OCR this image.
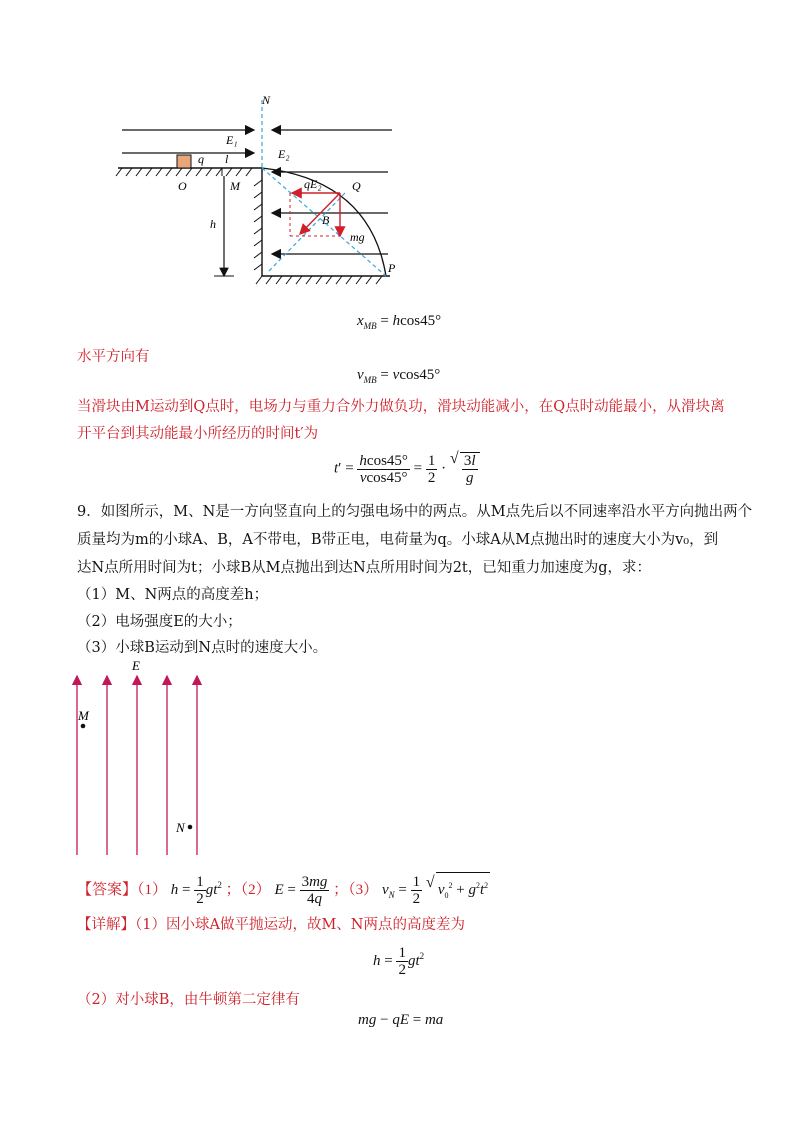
N
E₁
q l	E₂
O	M	qE₂	Q
B
h
mg
P
$x_{MB} = hcos45^\circ$
水平方向有
$v_{MB} = vcos45^\circ$
当滑块由M运动到Q点时，电场力与重力合外力做负功，滑块动能减小，在Q点时动能最小，从滑块离
开平台到其动能最小所经历的时间t′为
$t' = \frac{hcos45^\circ}{vcos45^\circ} = \frac{1}{2}$ · √ $\frac{3l}{g}$
9．如图所示，M、N是一方向竖直向上的匀强电场中的两点。从M点先后以不同速率沿水平方向抛出两个
质量均为m的小球A、B，A不带电，B带正电，电荷量为q。小球A从M点抛出时的速度大小为v₀，到
达N点所用时间为t；小球B从M点抛出到达N点所用时间为2t，已知重力加速度为g，求：
（1）M、N两点的高度差h；
（2）电场强度E的大小；
（3）小球B运动到N点时的速度大小。
E
M
N
【答案】（1） $h = \frac{1}{2} gt^2$ ；（2） $E = \frac{3mg}{4q}$ ；（3） $v_N = \frac{1}{2}$ √ $v_0^2 + g^2t^2$
【详解】（1）因小球A做平抛运动，故M、N两点的高度差为
$h = \frac{1}{2} gt^2$
（2）对小球B，由牛顿第二定律有
mg − qE = ma
